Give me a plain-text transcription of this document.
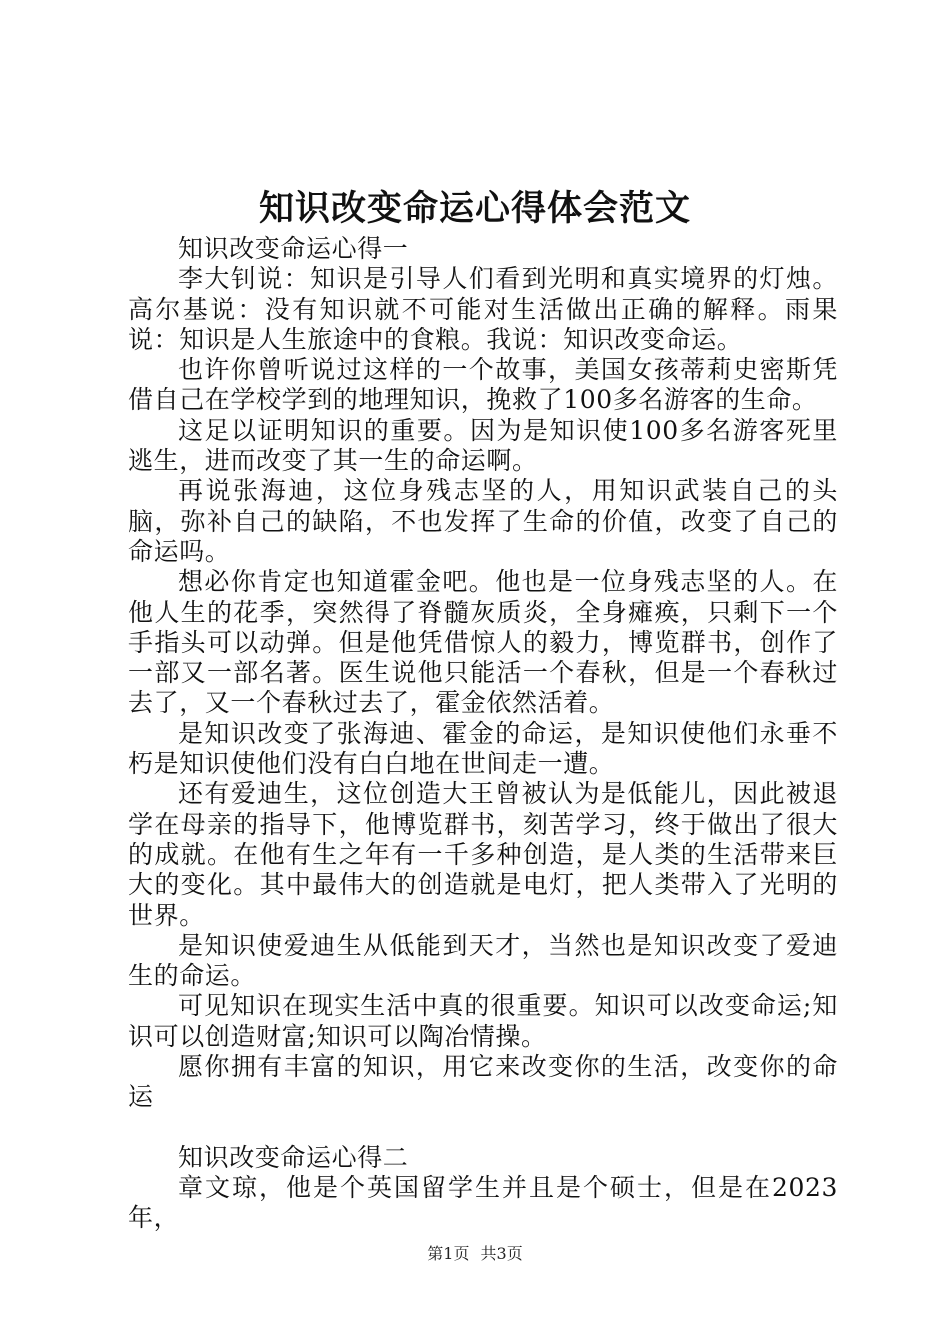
知识改变命运心得体会范文

知识改变命运心得一

李大钊说：知识是引导人们看到光明和真实境界的灯烛。高尔基说：没有知识就不可能对生活做出正确的解释。雨果说：知识是人生旅途中的食粮。我说：知识改变命运。

也许你曾听说过这样的一个故事，美国女孩蒂莉史密斯凭借自己在学校学到的地理知识，挽救了100多名游客的生命。

这足以证明知识的重要。因为是知识使100多名游客死里逃生，进而改变了其一生的命运啊。

再说张海迪，这位身残志坚的人，用知识武装自己的头脑，弥补自己的缺陷，不也发挥了生命的价值，改变了自己的命运吗。

想必你肯定也知道霍金吧。他也是一位身残志坚的人。在他人生的花季，突然得了脊髓灰质炎，全身瘫痪，只剩下一个手指头可以动弹。但是他凭借惊人的毅力，博览群书，创作了一部又一部名著。医生说他只能活一个春秋，但是一个春秋过去了，又一个春秋过去了，霍金依然活着。

是知识改变了张海迪、霍金的命运，是知识使他们永垂不朽是知识使他们没有白白地在世间走一遭。

还有爱迪生，这位创造大王曾被认为是低能儿，因此被退学在母亲的指导下，他博览群书，刻苦学习，终于做出了很大的成就。在他有生之年有一千多种创造，是人类的生活带来巨大的变化。其中最伟大的创造就是电灯，把人类带入了光明的世界。

是知识使爱迪生从低能到天才，当然也是知识改变了爱迪生的命运。

可见知识在现实生活中真的很重要。知识可以改变命运;知识可以创造财富;知识可以陶冶情操。

愿你拥有丰富的知识，用它来改变你的生活，改变你的命运

知识改变命运心得二

章文琼，他是个英国留学生并且是个硕士，但是在2023年，

第1页 共3页
